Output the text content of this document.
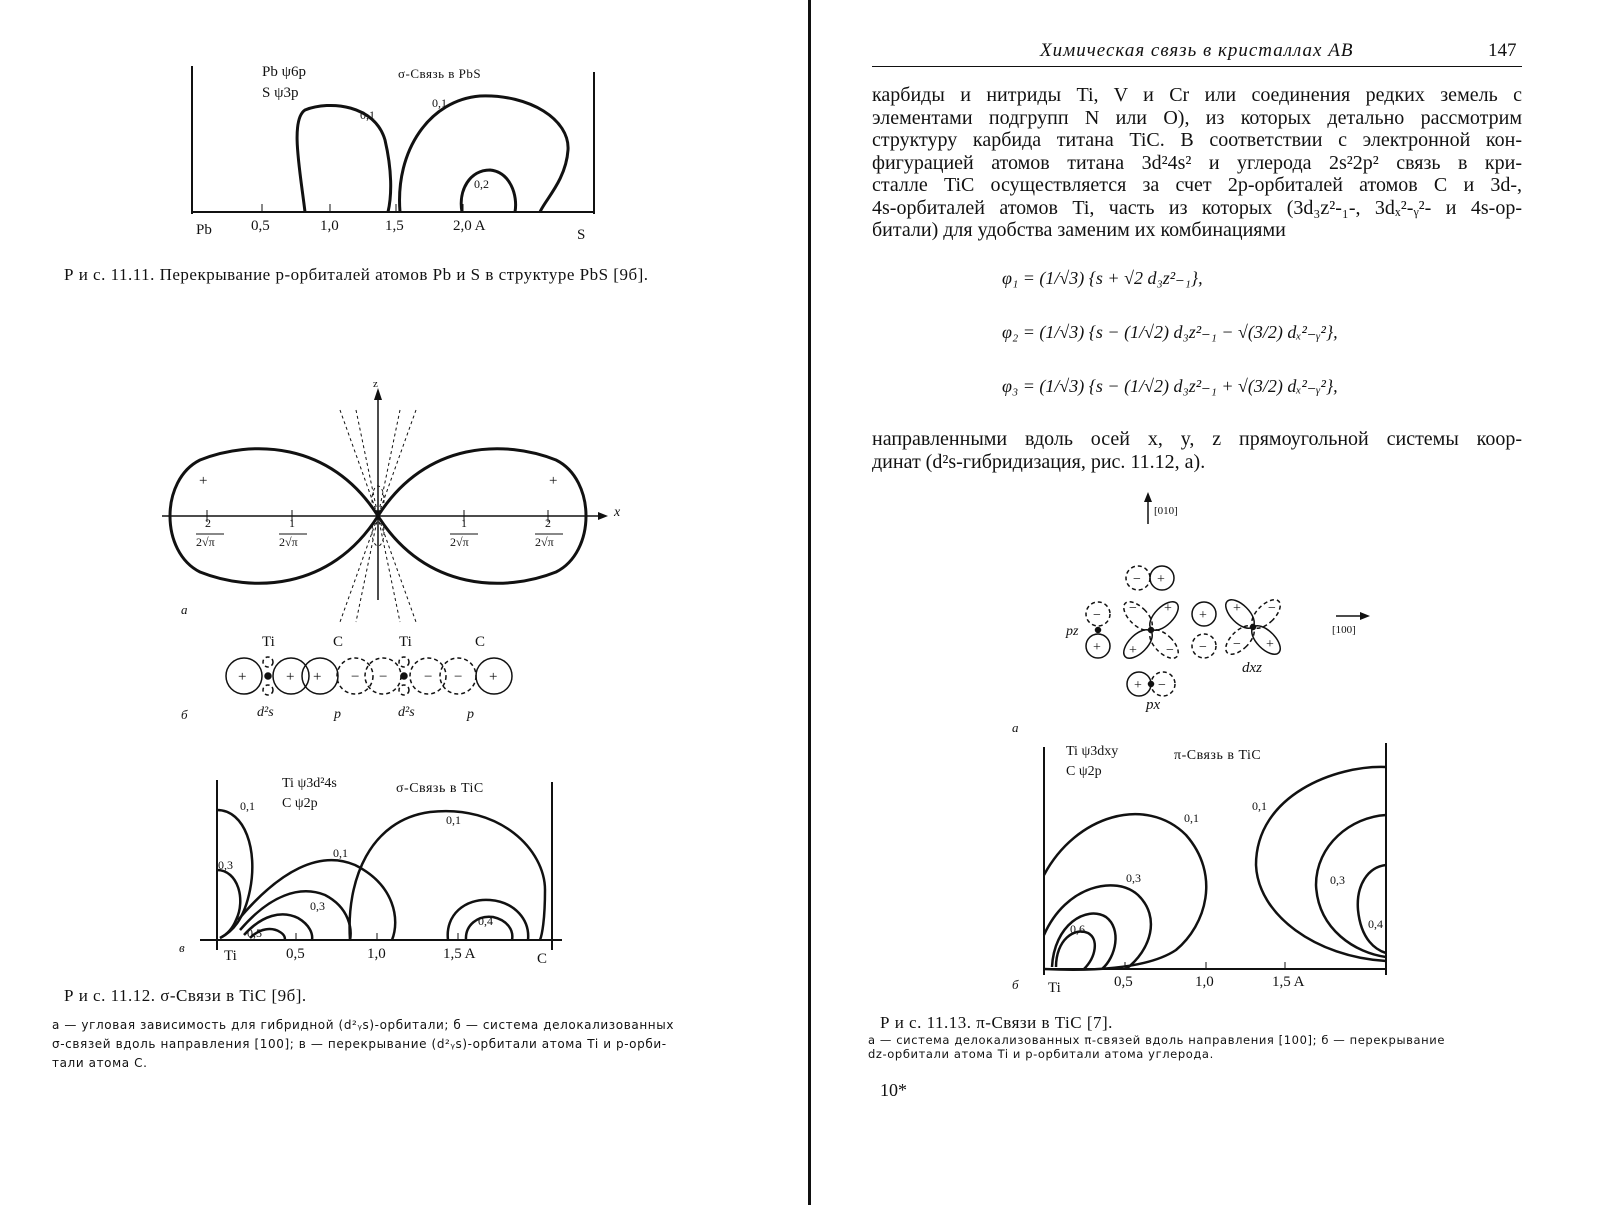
Pb ψ6p
S ψ3p
σ-Связь в PbS
0,1
0,1
0,2
Pb	0,5	1,0	1,5	2,0 A
S
Р и с. 11.11. Перекрывание p-орбиталей атомов Pb и S в структуре PbS [9б].
z
x
+	+
2	1	1	2
2√π	2√π	2√π	2√π
а
+	+ + − − − − +
Ti	C	Ti	C
d²s	p	d²s	p
б
Ti ψ3d²4s
C ψ2p
σ-Связь в TiC
0,1
0,3
0,1
0,1
0,3
0,5
0,4
Ti	0,5	1,0	1,5 A	C
в
Р и с. 11.12. σ-Связи в TiC [9б].
а — угловая зависимость для гибридной (d²ᵧs)-орбитали; б — система делокализованных
σ-связей вдоль направления [100]; в — перекрывание (d²ᵧs)-орбитали атома Ti и p-орби-
тали атома C.
Химическая связь в кристаллах AB	147
карбиды и нитриды Ti, V и Cr или соединения редких земель с
элементами подгрупп N или O), из которых детально рассмотрим
структуру карбида титана TiC. В соответствии с электронной кон-
фигурацией атомов титана 3d²4s² и углерода 2s²2p² связь в кри-
сталле TiC осуществляется за счет 2p-орбиталей атомов C и 3d-,
4s-орбиталей атомов Ti, часть из которых (3d₃z²-₁-, 3dₓ²-ᵧ²- и 4s-ор-
битали) для удобства заменим их комбинациями
φ₁ = (1/√3) {s + √2 d₃z²₋₁},
φ₂ = (1/√3) {s − (1/√2) d₃z²₋₁ − √(3/2) dₓ²₋ᵧ²},
φ₃ = (1/√3) {s − (1/√2) d₃z²₋₁ + √(3/2) dₓ²₋ᵧ²},
направленными вдоль осей x, y, z прямоугольной системы коор-
динат (d²s-гибридизация, рис. 11.12, а).
− +
−
+
+
−
+ −
− +
+ −
+ −
− +
[010]
[100]
pz
px
dxz
а
Ti ψ3dxy
C ψ2p
π-Связь в TiC
0,1
0,1
0,3	0,3
0,6	0,4
Ti	0,5	1,0	1,5 A
б
Р и с. 11.13. π-Связи в TiC [7].
а — система делокализованных π-связей вдоль направления [100]; б — перекрывание
dz-орбитали атома Ti и p-орбитали атома углерода.
10*
